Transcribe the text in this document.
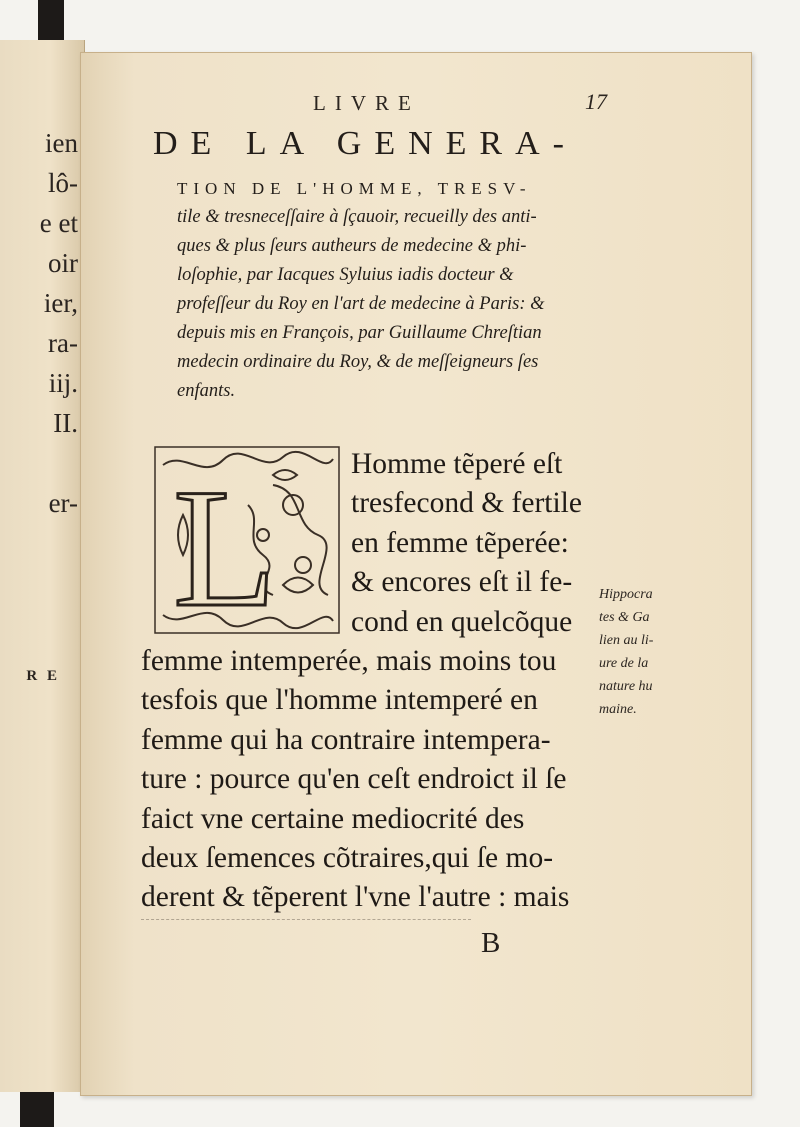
ien

lô-

e et

oir

ier,

ra-

iij.

II.

er-

R E

LIVRE	17
DE LA GENERA-
TION DE L'HOMME, TRESV-
tile & tresneceſſaire à ſçauoir, recueilly des anti-
ques & plus ſeurs autheurs de medecine & phi-
loſophie, par Iacques Syluius iadis docteur &
profeſſeur du Roy en l'art de medecine à Paris: &
depuis mis en François, par Guillaume Chreſtian
medecin ordinaire du Roy, & de meſſeigneurs ſes
enfants.
L	Homme tẽperé eſt
tresfecond & fertile
en femme tẽperée:
& encores eſt il fe-
cond en quelcõque
femme intemperée, mais moins tou
tesfois que l'homme intemperé en
femme qui ha contraire intempera-
ture : pource qu'en ceſt endroict il ſe
faict vne certaine mediocrité des
deux ſemences cõtraires,qui ſe mo-
derent & tẽperent l'vne l'autre : mais
Hippocra
tes & Ga
lien au li-
ure de la
nature hu
maine.
B
